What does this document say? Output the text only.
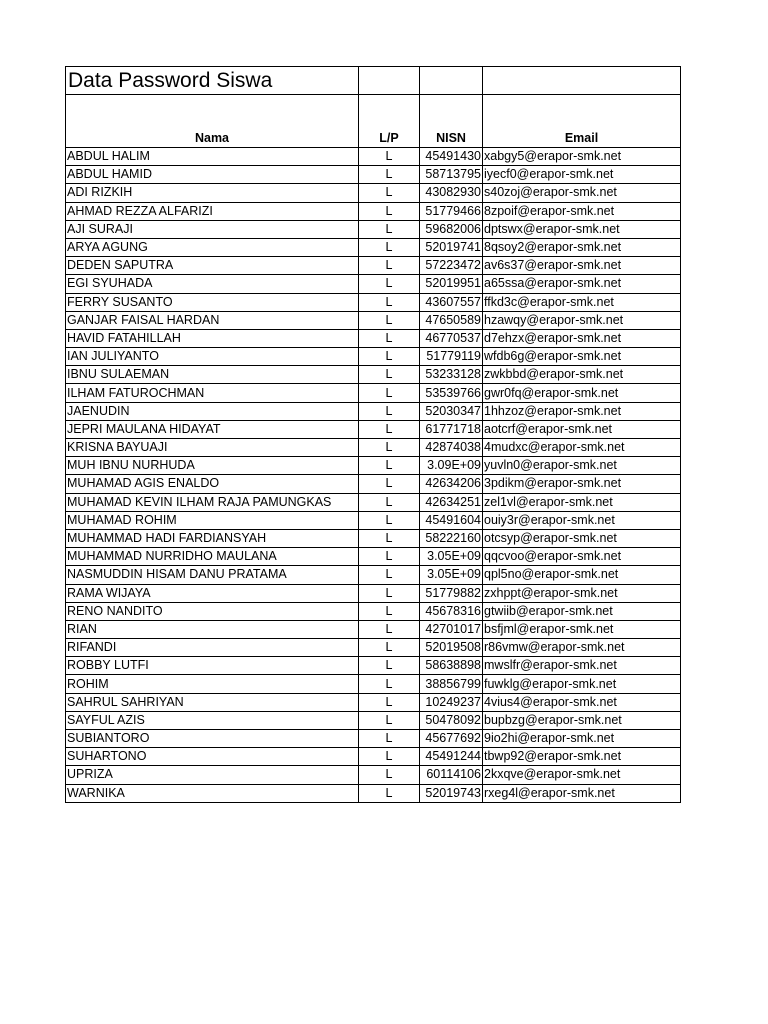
Data Password Siswa			
Nama	L/P	NISN	Email
ABDUL HALIM	L	45491430	xabgy5@erapor-smk.net
ABDUL HAMID	L	58713795	iyecf0@erapor-smk.net
ADI RIZKIH	L	43082930	s40zoj@erapor-smk.net
AHMAD REZZA ALFARIZI	L	51779466	8zpoif@erapor-smk.net
AJI SURAJI	L	59682006	dptswx@erapor-smk.net
ARYA AGUNG	L	52019741	8qsoy2@erapor-smk.net
DEDEN SAPUTRA	L	57223472	av6s37@erapor-smk.net
EGI SYUHADA	L	52019951	a65ssa@erapor-smk.net
FERRY SUSANTO	L	43607557	ffkd3c@erapor-smk.net
GANJAR FAISAL HARDAN	L	47650589	hzawqy@erapor-smk.net
HAVID FATAHILLAH	L	46770537	d7ehzx@erapor-smk.net
IAN JULIYANTO	L	51779119	wfdb6g@erapor-smk.net
IBNU SULAEMAN	L	53233128	zwkbbd@erapor-smk.net
ILHAM FATUROCHMAN	L	53539766	gwr0fq@erapor-smk.net
JAENUDIN	L	52030347	1hhzoz@erapor-smk.net
JEPRI MAULANA HIDAYAT	L	61771718	aotcrf@erapor-smk.net
KRISNA BAYUAJI	L	42874038	4mudxc@erapor-smk.net
MUH IBNU NURHUDA	L	3.09E+09	yuvln0@erapor-smk.net
MUHAMAD AGIS ENALDO	L	42634206	3pdikm@erapor-smk.net
MUHAMAD KEVIN ILHAM RAJA PAMUNGKAS	L	42634251	zel1vl@erapor-smk.net
MUHAMAD ROHIM	L	45491604	ouiy3r@erapor-smk.net
MUHAMMAD HADI FARDIANSYAH	L	58222160	otcsyp@erapor-smk.net
MUHAMMAD NURRIDHO MAULANA	L	3.05E+09	qqcvoo@erapor-smk.net
NASMUDDIN HISAM DANU PRATAMA	L	3.05E+09	qpl5no@erapor-smk.net
RAMA WIJAYA	L	51779882	zxhppt@erapor-smk.net
RENO NANDITO	L	45678316	gtwiib@erapor-smk.net
RIAN	L	42701017	bsfjml@erapor-smk.net
RIFANDI	L	52019508	r86vmw@erapor-smk.net
ROBBY LUTFI	L	58638898	mwslfr@erapor-smk.net
ROHIM	L	38856799	fuwklg@erapor-smk.net
SAHRUL SAHRIYAN	L	10249237	4vius4@erapor-smk.net
SAYFUL AZIS	L	50478092	bupbzg@erapor-smk.net
SUBIANTORO	L	45677692	9io2hi@erapor-smk.net
SUHARTONO	L	45491244	tbwp92@erapor-smk.net
UPRIZA	L	60114106	2kxqve@erapor-smk.net
WARNIKA	L	52019743	rxeg4l@erapor-smk.net
